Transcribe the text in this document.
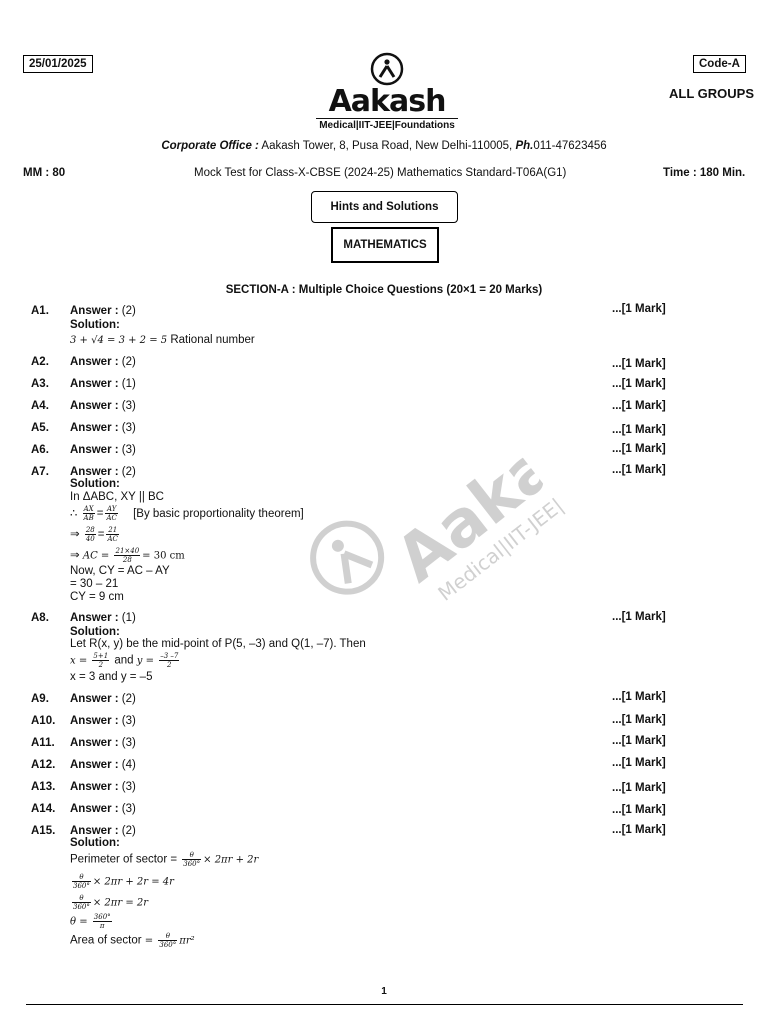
25/01/2025	Code-A
ALL GROUPS
Aakash
Medical|IIT-JEE|Foundations
Corporate Office : Aakash Tower, 8, Pusa Road, New Delhi-110005, Ph.011-47623456
MM : 80	Mock Test for Class-X-CBSE (2024-25) Mathematics Standard-T06A(G1)	Time : 180 Min.
Hints and Solutions
MATHEMATICS
SECTION-A : Multiple Choice Questions (20×1 = 20 Marks)
Aakash
Medical|IIT-JEE|Foundations
A1. Answer : (2)	...[1 Mark]
Solution:
3 + √4 = 3 + 2 = 5 Rational number
A2. Answer : (2)	...[1 Mark]
A3. Answer : (1)	...[1 Mark]
A4. Answer : (3)	...[1 Mark]
A5. Answer : (3)	...[1 Mark]
A6. Answer : (3)	...[1 Mark]
A7. Answer : (2)	...[1 Mark]
Solution:
In ΔABC, XY || BC
∴ $\frac{AX}{AB} = \frac{AY}{AC} [By$ basic proportionality theorem]
⇒ $\frac{28}{40} = \frac{21}{AC}$
⇒ AC = $\frac{21\times 40}{28} = 30$ cm
Now, CY = AC – AY
= 30 – 21
CY = 9 cm
A8. Answer : (1)	...[1 Mark]
Solution:
Let R(x, y) be the mid-point of P(5, –3) and Q(1, –7). Then
$x = \frac{5+1}{2}$ and $y = \frac{-3 -7}{2}$
x = 3 and y = –5
A9. Answer : (2)	...[1 Mark]
A10. Answer : (3)	...[1 Mark]
A11. Answer : (3)	...[1 Mark]
A12. Answer : (4)	...[1 Mark]
A13. Answer : (3)	...[1 Mark]
A14. Answer : (3)	...[1 Mark]
A15. Answer : (2)	...[1 Mark]
Solution:
Perimeter of sector = $\frac{\theta}{360^\circ} \times 2\pi r + 2r$
$\frac{\theta}{360^\circ} \times 2\pi r + 2r = 4r$
$\frac{\theta}{360^\circ} \times 2\pi r = 2r$
$\theta = \frac{360^\circ}{\pi}$
Area of sector = $\frac{\theta}{360^\circ} \pi r^2$
1
